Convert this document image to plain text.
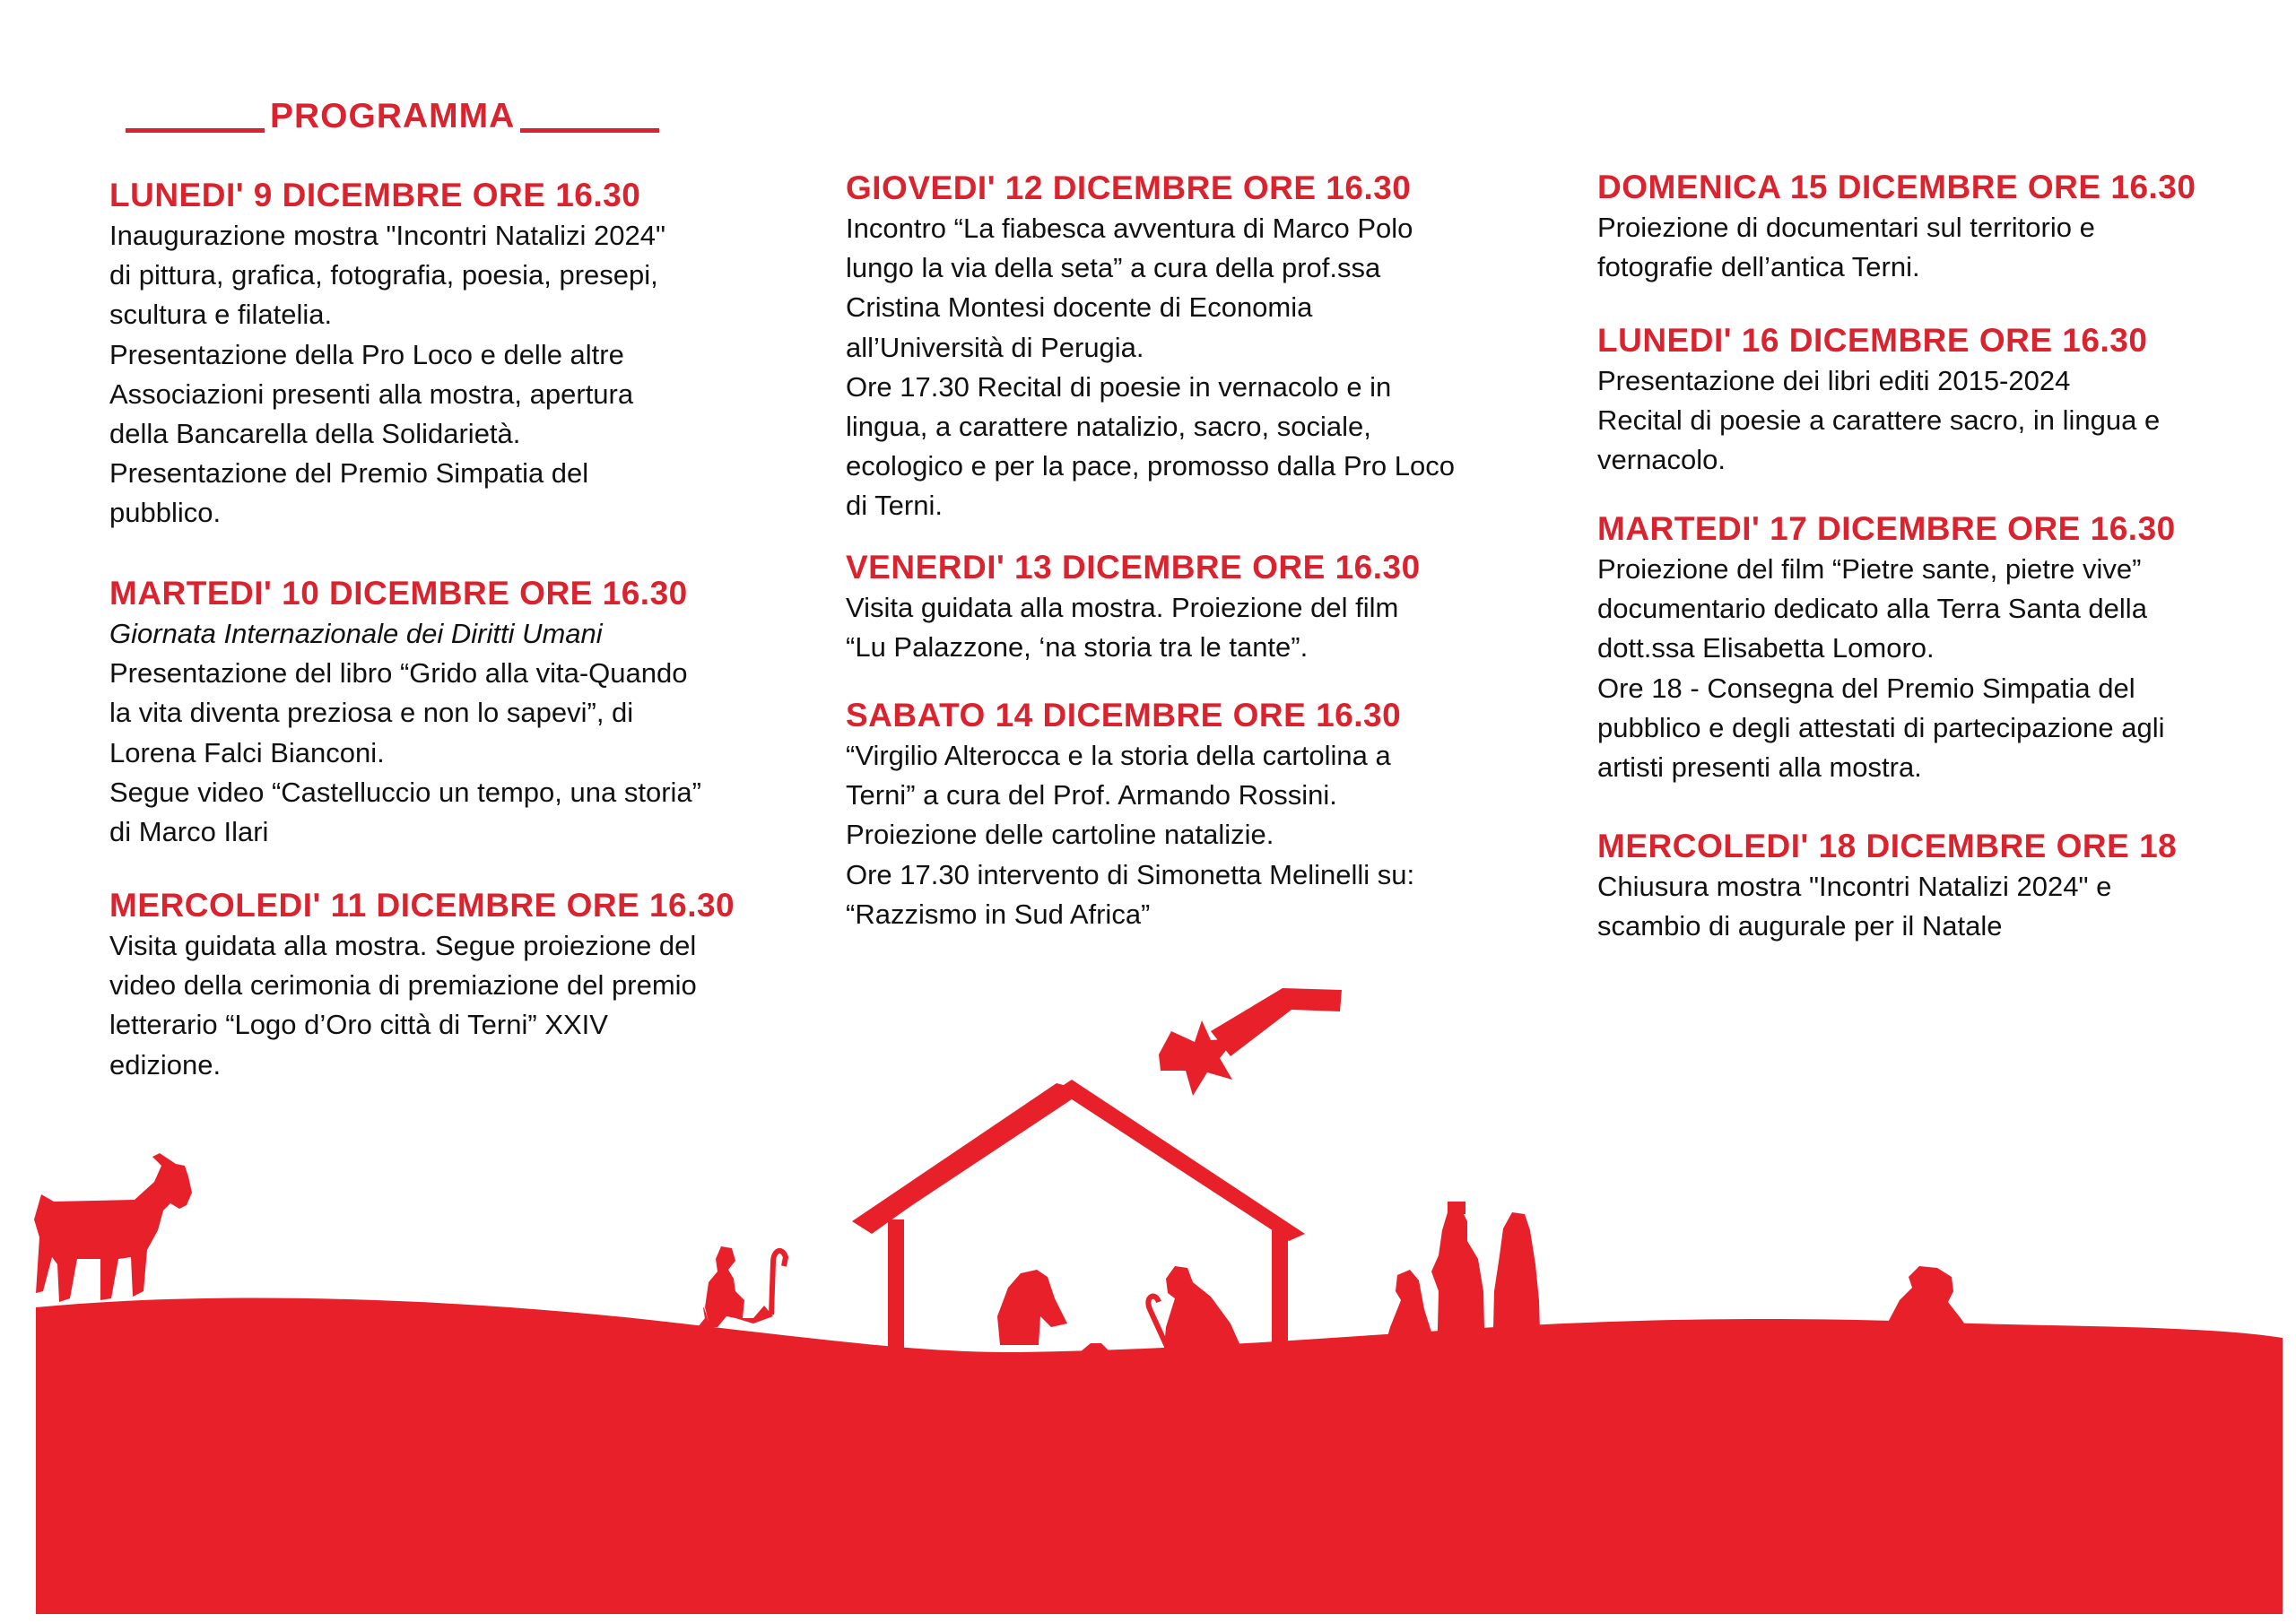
PROGRAMMA
LUNEDI' 9 DICEMBRE ORE 16.30
Inaugurazione mostra "Incontri Natalizi 2024"
di pittura, grafica, fotografia, poesia, presepi,
scultura e filatelia.
Presentazione della Pro Loco e delle altre
Associazioni presenti alla mostra, apertura
della Bancarella della Solidarietà.
Presentazione del Premio Simpatia del
pubblico.
MARTEDI' 10 DICEMBRE ORE 16.30
Giornata Internazionale dei Diritti Umani
Presentazione del libro “Grido alla vita-Quando
la vita diventa preziosa e non lo sapevi”, di
Lorena Falci Bianconi.
Segue video “Castelluccio un tempo, una storia”
di Marco Ilari
MERCOLEDI' 11 DICEMBRE ORE 16.30
Visita guidata alla mostra. Segue proiezione del
video della cerimonia di premiazione del premio
letterario “Logo d’Oro città di Terni” XXIV
edizione.
GIOVEDI' 12 DICEMBRE ORE 16.30
Incontro “La fiabesca avventura di Marco Polo
lungo la via della seta” a cura della prof.ssa
Cristina Montesi docente di Economia
all’Università di Perugia.
Ore 17.30 Recital di poesie in vernacolo e in
lingua, a carattere natalizio, sacro, sociale,
ecologico e per la pace, promosso dalla Pro Loco
di Terni.
VENERDI' 13 DICEMBRE ORE 16.30
Visita guidata alla mostra. Proiezione del film
“Lu Palazzone, ‘na storia tra le tante”.
SABATO 14 DICEMBRE ORE 16.30
“Virgilio Alterocca e la storia della cartolina a
Terni” a cura del Prof. Armando Rossini.
Proiezione delle cartoline natalizie.
Ore 17.30 intervento di Simonetta Melinelli su:
“Razzismo in Sud Africa”
DOMENICA 15 DICEMBRE ORE 16.30
Proiezione di documentari sul territorio e
fotografie dell’antica Terni.
LUNEDI' 16 DICEMBRE ORE 16.30
Presentazione dei libri editi 2015-2024
Recital di poesie a carattere sacro, in lingua e
vernacolo.
MARTEDI' 17 DICEMBRE ORE 16.30
Proiezione del film “Pietre sante, pietre vive”
documentario dedicato alla Terra Santa della
dott.ssa Elisabetta Lomoro.
Ore 18 - Consegna del Premio Simpatia del
pubblico e degli attestati di partecipazione agli
artisti presenti alla mostra.
MERCOLEDI' 18 DICEMBRE ORE 18
Chiusura mostra "Incontri Natalizi 2024" e
scambio di augurale per il Natale
